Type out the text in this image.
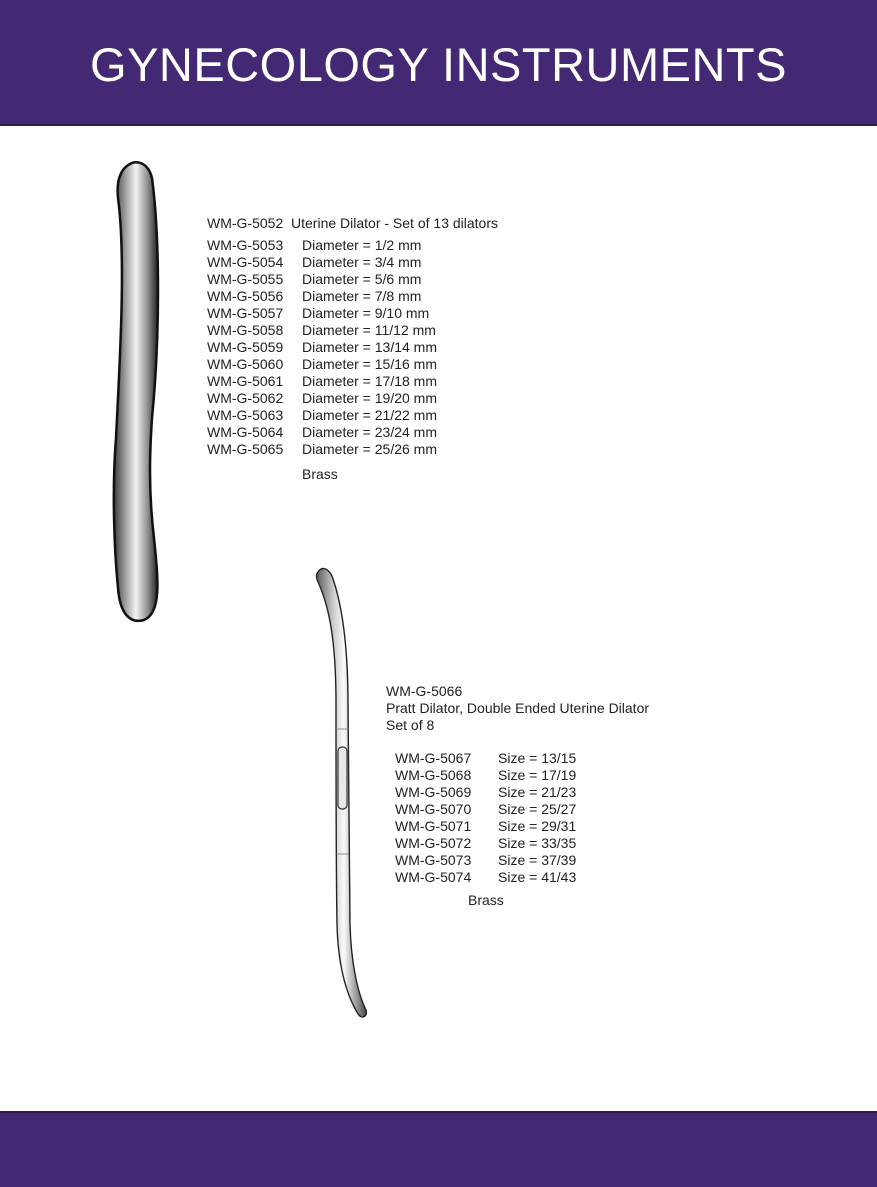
GYNECOLOGY INSTRUMENTS
WM-G-5052 Uterine Dilator - Set of 13 dilators
WM-G-5053 Diameter = 1/2 mm
WM-G-5054 Diameter = 3/4 mm
WM-G-5055 Diameter = 5/6 mm
WM-G-5056 Diameter = 7/8 mm
WM-G-5057 Diameter = 9/10 mm
WM-G-5058 Diameter = 11/12 mm
WM-G-5059 Diameter = 13/14 mm
WM-G-5060 Diameter = 15/16 mm
WM-G-5061 Diameter = 17/18 mm
WM-G-5062 Diameter = 19/20 mm
WM-G-5063 Diameter = 21/22 mm
WM-G-5064 Diameter = 23/24 mm
WM-G-5065 Diameter = 25/26 mm
Brass
WM-G-5066
Pratt Dilator, Double Ended Uterine Dilator
Set of 8
WM-G-5067 Size = 13/15
WM-G-5068 Size = 17/19
WM-G-5069 Size = 21/23
WM-G-5070 Size = 25/27
WM-G-5071 Size = 29/31
WM-G-5072 Size = 33/35
WM-G-5073 Size = 37/39
WM-G-5074 Size = 41/43
Brass
